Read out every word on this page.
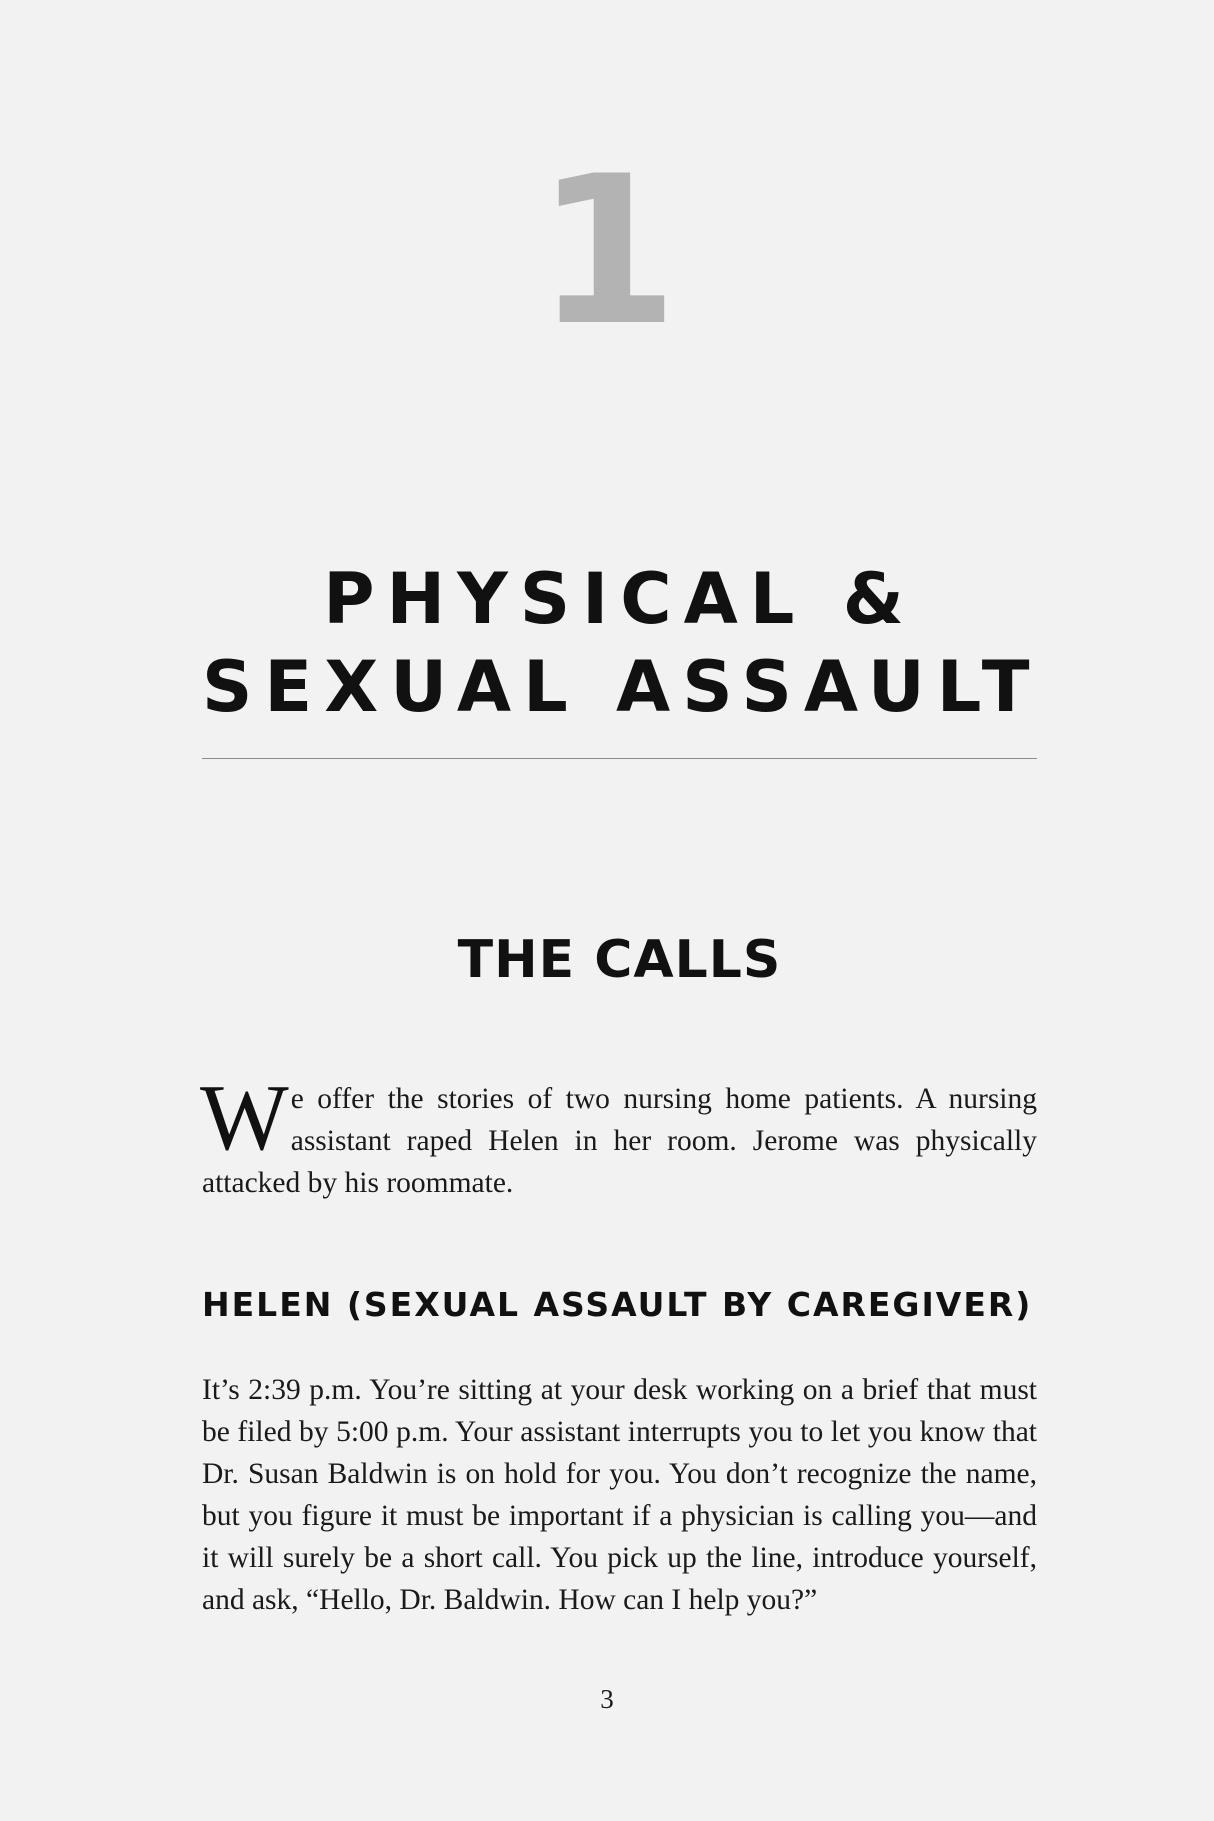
1
PHYSICAL &
SEXUAL ASSAULT
THE CALLS

We offer the stories of two nursing home patients. A nursing assistant raped Helen in her room. Jerome was physically attacked by his roommate.

HELEN (SEXUAL ASSAULT BY CAREGIVER)

It’s 2:39 p.m. You’re sitting at your desk working on a brief that must be filed by 5:00 p.m. Your assistant interrupts you to let you know that Dr. Susan Baldwin is on hold for you. You don’t recognize the name, but you figure it must be important if a physician is calling you—and it will surely be a short call. You pick up the line, introduce yourself, and ask, “Hello, Dr. Baldwin. How can I help you?”

3
